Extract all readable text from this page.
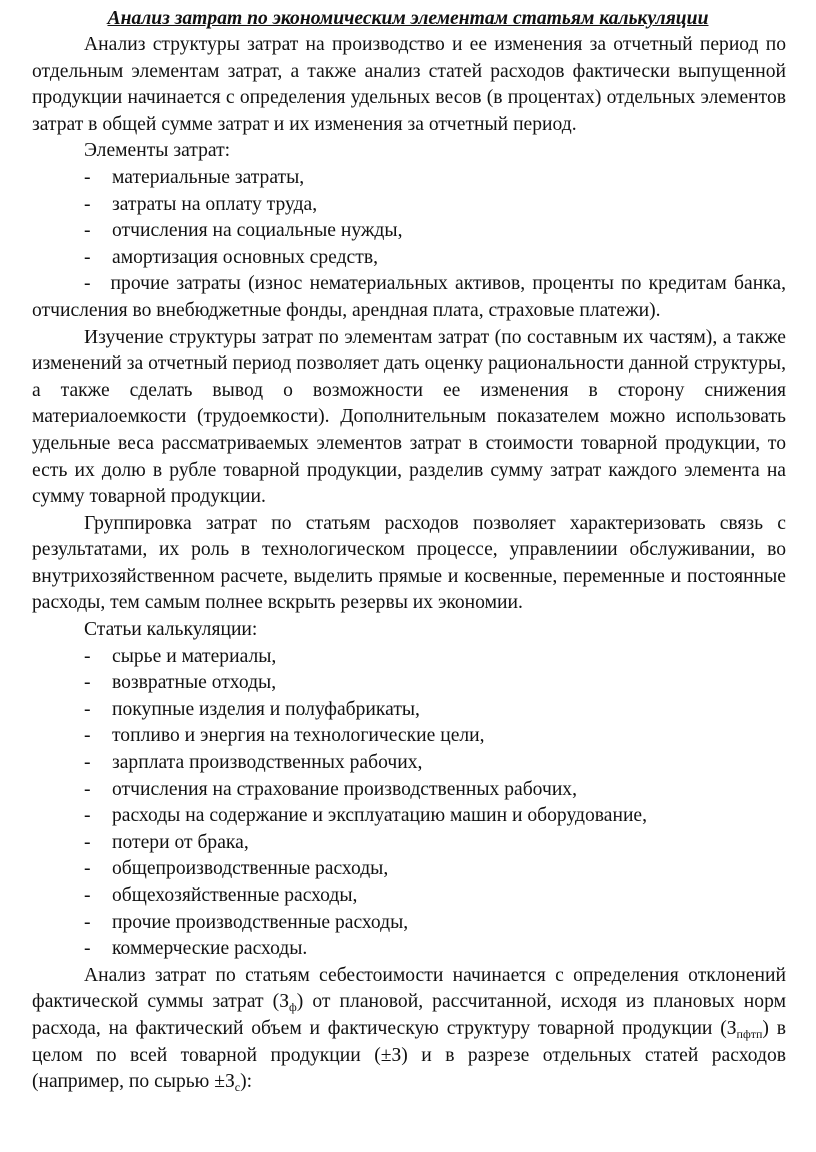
Анализ затрат по экономическим элементам статьям калькуляции

Анализ структуры затрат на производство и ее изменения за отчетный период по отдельным элементам затрат, а также анализ статей расходов фактически выпущенной продукции начинается с определения удельных весов (в процентах) отдельных элементов затрат в общей сумме затрат и их изменения за отчетный период.

Элементы затрат:

- материальные затраты,
- затраты на оплату труда,
- отчисления на социальные нужды,
- амортизация основных средств,
- прочие затраты (износ нематериальных активов, проценты по кредитам банка, отчисления во внебюджетные фонды, арендная плата, страховые платежи).

Изучение структуры затрат по элементам затрат (по составным их частям), а также изменений за отчетный период позволяет дать оценку рациональности данной структуры, а также сделать вывод о возможности ее изменения в сторону снижения материалоемкости (трудоемкости). Дополнительным показателем можно использовать удельные веса рассматриваемых элементов затрат в стоимости товарной продукции, то есть их долю в рубле товарной продукции, разделив сумму затрат каждого элемента на сумму товарной продукции.

Группировка затрат по статьям расходов позволяет характеризовать связь с результатами, их роль в технологическом процессе, управлениии обслуживании, во внутрихозяйственном расчете, выделить прямые и косвенные, переменные и постоянные расходы, тем самым полнее вскрыть резервы их экономии.

Статьи калькуляции:

- сырье и материалы,
- возвратные отходы,
- покупные изделия и полуфабрикаты,
- топливо и энергия на технологические цели,
- зарплата производственных рабочих,
- отчисления на страхование производственных рабочих,
- расходы на содержание и эксплуатацию машин и оборудование,
- потери от брака,
- общепроизводственные расходы,
- общехозяйственные расходы,
- прочие производственные расходы,
- коммерческие расходы.

Анализ затрат по статьям себестоимости начинается с определения отклонений фактической суммы затрат $(З_ф)$ от плановой, рассчитанной, исходя из плановых норм расхода, на фактический объем и фактическую структуру товарной продукции $(З_{пфтп})$ в целом по всей товарной продукции (±З) и в разрезе отдельных статей расходов (например, по сырью $\pm З_с$):
